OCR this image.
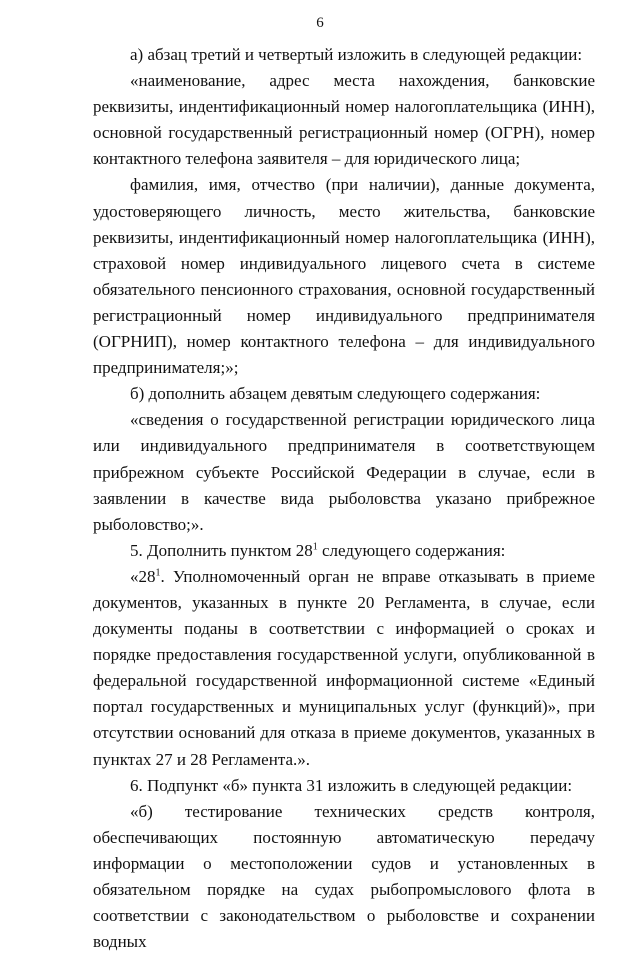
6

а) абзац третий и четвертый изложить в следующей редакции:

«наименование, адрес места нахождения, банковские реквизиты, индентификационный номер налогоплательщика (ИНН), основной государственный регистрационный номер (ОГРН), номер контактного телефона заявителя – для юридического лица;

фамилия, имя, отчество (при наличии), данные документа, удостоверяющего личность, место жительства, банковские реквизиты, индентификационный номер налогоплательщика (ИНН), страховой номер индивидуального лицевого счета в системе обязательного пенсионного страхования, основной государственный регистрационный номер индивидуального предпринимателя (ОГРНИП), номер контактного телефона – для индивидуального предпринимателя;»;

б) дополнить абзацем девятым следующего содержания:

«сведения о государственной регистрации юридического лица или индивидуального предпринимателя в соответствующем прибрежном субъекте Российской Федерации в случае, если в заявлении в качестве вида рыболовства указано прибрежное рыболовство;».

5. Дополнить пунктом $28^1$ следующего содержания:

«$28^1$. Уполномоченный орган не вправе отказывать в приеме документов, указанных в пункте 20 Регламента, в случае, если документы поданы в соответствии с информацией о сроках и порядке предоставления государственной услуги, опубликованной в федеральной государственной информационной системе «Единый портал государственных и муниципальных услуг (функций)», при отсутствии оснований для отказа в приеме документов, указанных в пунктах 27 и 28 Регламента.».

6. Подпункт «б» пункта 31 изложить в следующей редакции:

«б) тестирование технических средств контроля, обеспечивающих постоянную автоматическую передачу информации о местоположении судов и установленных в обязательном порядке на судах рыбопромыслового флота в соответствии с законодательством о рыболовстве и сохранении водных
